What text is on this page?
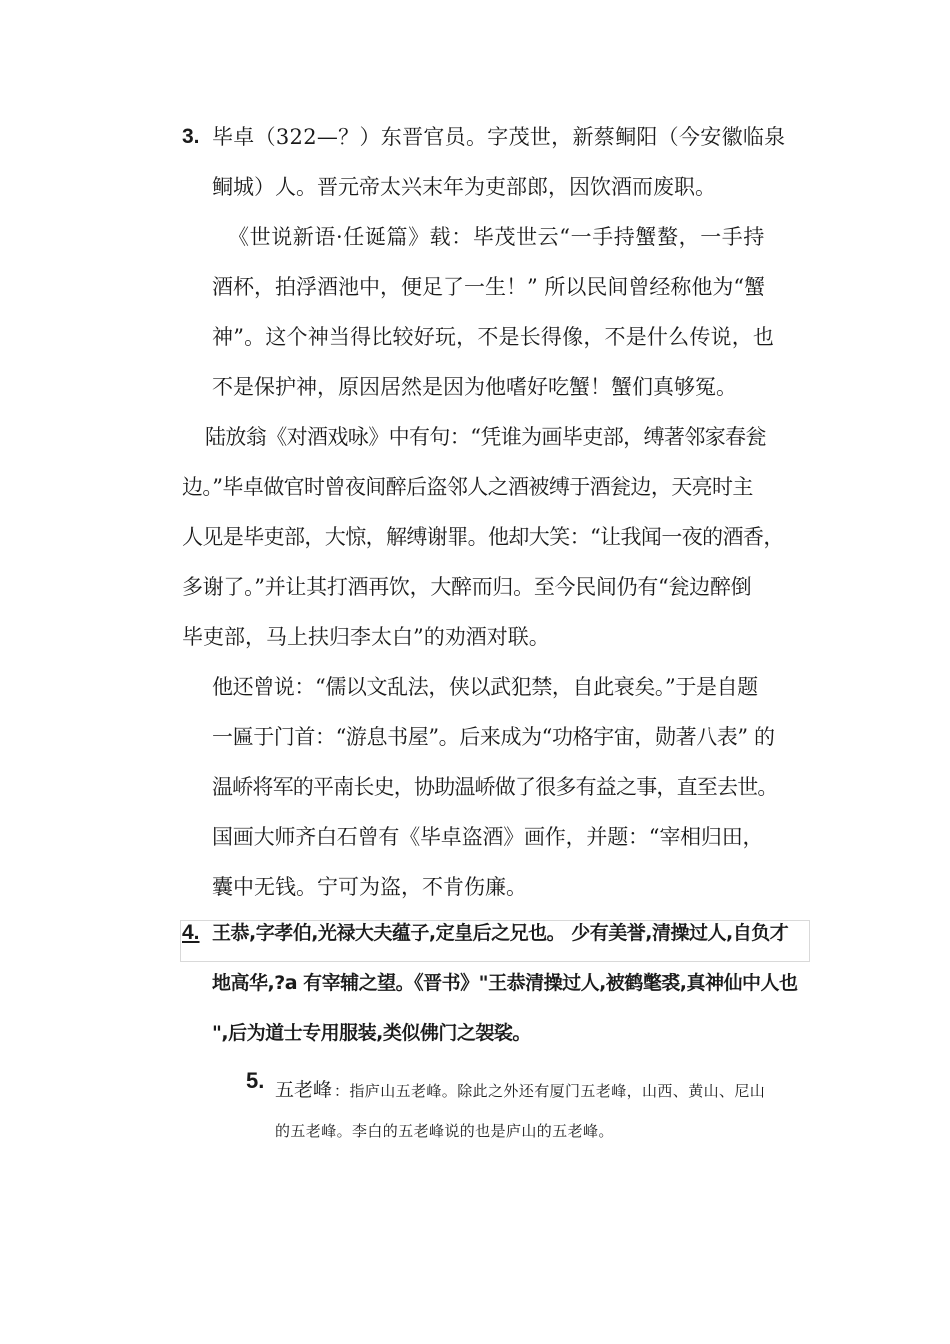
3. 毕卓（322—？）东晋官员。字茂世，新蔡鲖阳（今安徽临泉
鲖城）人。晋元帝太兴末年为吏部郎，因饮酒而废职。
《世说新语·任诞篇》载：毕茂世云“一手持蟹螯，一手持
酒杯，拍浮酒池中，便足了一生！” 所以民间曾经称他为“蟹
神”。这个神当得比较好玩，不是长得像，不是什么传说，也
不是保护神，原因居然是因为他嗜好吃蟹！蟹们真够冤。
陆放翁《对酒戏咏》中有句：“凭谁为画毕吏部，缚著邻家春瓮
边。”毕卓做官时曾夜间醉后盗邻人之酒被缚于酒瓮边，天亮时主
人见是毕吏部，大惊，解缚谢罪。他却大笑：“让我闻一夜的酒香，
多谢了。”并让其打酒再饮，大醉而归。至今民间仍有“瓮边醉倒
毕吏部，马上扶归李太白”的劝酒对联。
他还曾说：“儒以文乱法，侠以武犯禁，自此衰矣。”于是自题
一匾于门首：“游息书屋”。后来成为“功格宇宙，勋著八表” 的
温峤将军的平南长史，协助温峤做了很多有益之事，直至去世。
国画大师齐白石曾有《毕卓盗酒》画作，并题：“宰相归田，
囊中无钱。宁可为盗，不肯伤廉。
4. 王恭,字孝伯,光禄大夫蕴子,定皇后之兄也。 少有美誉,清操过人,自负才
地高华,?a 有宰辅之望。《晋书》"王恭清操过人,被鹤氅裘,真神仙中人也
",后为道士专用服装,类似佛门之袈裟。
5. 五老峰 ：指庐山五老峰。除此之外还有厦门五老峰，山西、黄山、尼山
的五老峰。李白的五老峰说的也是庐山的五老峰。
